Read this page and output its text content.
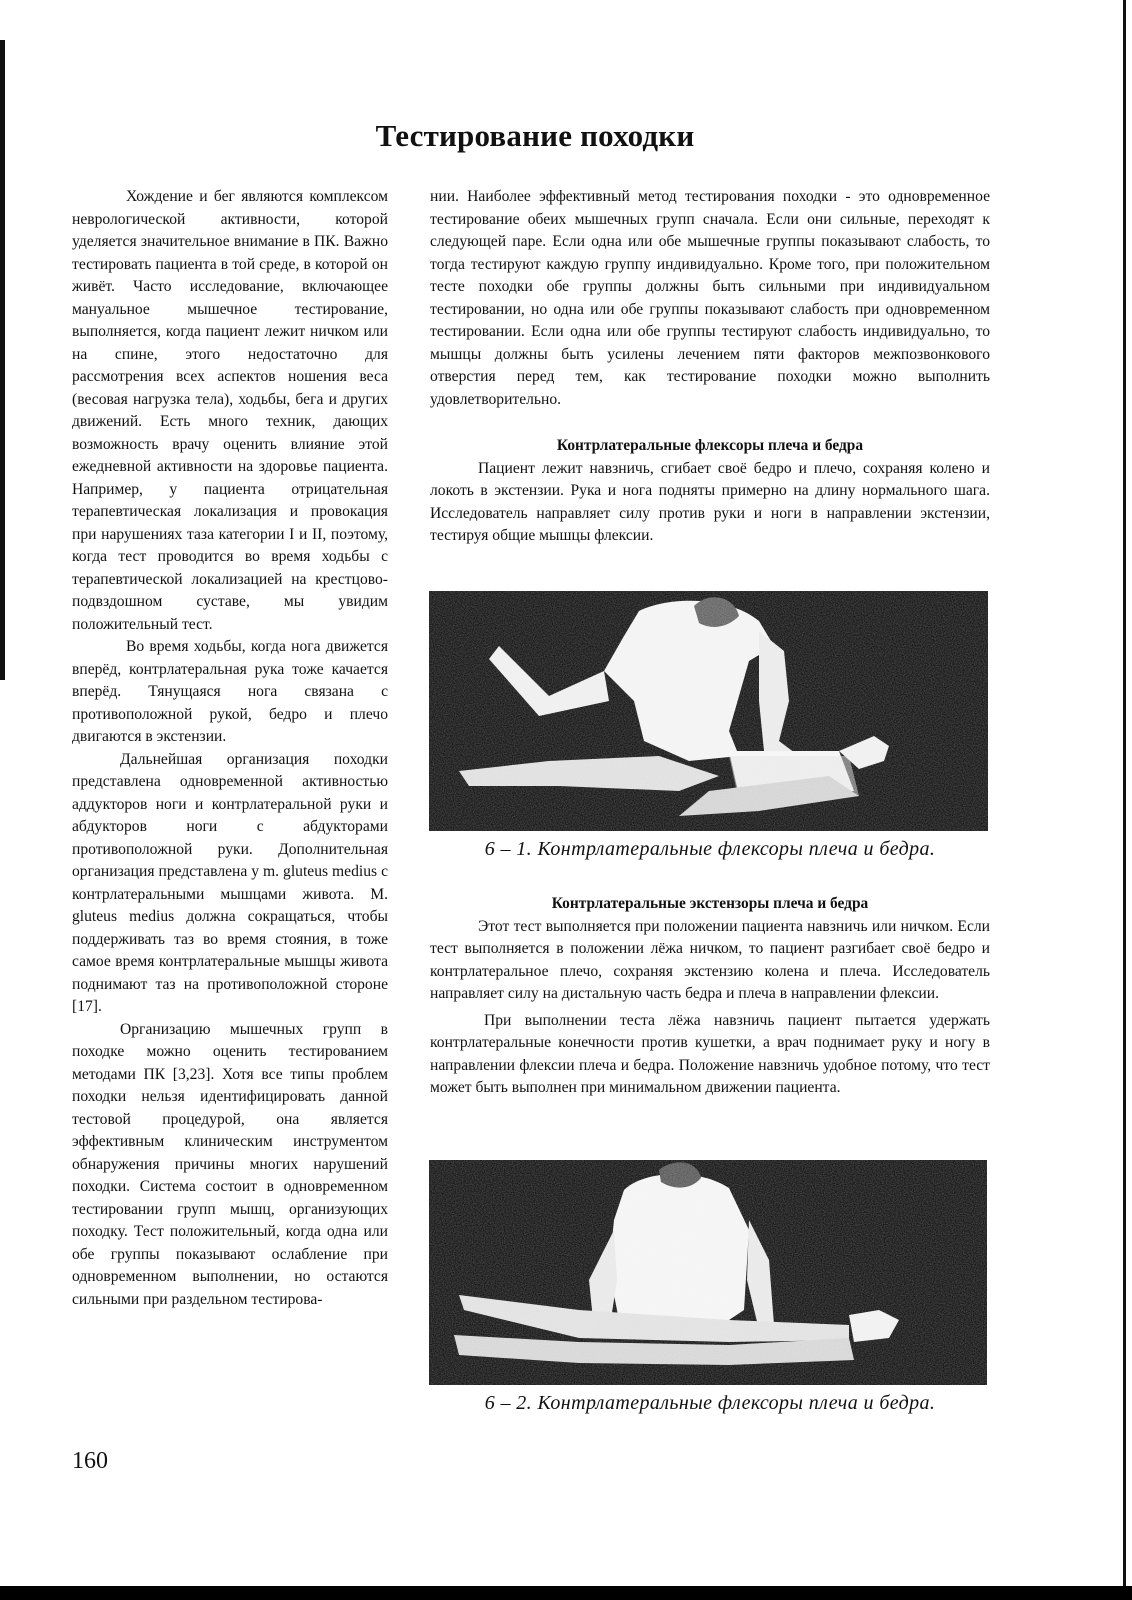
Тестирование походки

Хождение и бег являются комплексом неврологической активности, которой уделяется значительное внимание в ПК. Важно тестировать пациента в той среде, в которой он живёт. Часто исследование, включающее мануальное мышечное тестирование, выполняется, когда пациент лежит ничком или на спине, этого недостаточно для рассмотрения всех аспектов ношения веса (весовая нагрузка тела), ходьбы, бега и других движений. Есть много техник, дающих возможность врачу оценить влияние этой ежедневной активности на здоровье пациента. Например, у пациента отрицательная терапевтическая локализация и провокация при нарушениях таза категории I и II, поэтому, когда тест проводится во время ходьбы с терапевтической локализацией на крестцово-подвздошном суставе, мы увидим положительный тест.

Во время ходьбы, когда нога движется вперёд, контрлатеральная рука тоже качается вперёд. Тянущаяся нога связана с противоположной рукой, бедро и плечо двигаются в экстензии.

Дальнейшая организация походки представлена одновременной активностью аддукторов ноги и контрлатеральной руки и абдукторов ноги с абдукторами противоположной руки. Дополнительная организация представлена у m. gluteus medius с контрлатеральными мышцами живота. M. gluteus medius должна сокращаться, чтобы поддерживать таз во время стояния, в тоже самое время контрлатеральные мышцы живота поднимают таз на противоположной стороне [17].

Организацию мышечных групп в походке можно оценить тестированием методами ПК [3,23]. Хотя все типы проблем походки нельзя идентифицировать данной тестовой процедурой, она является эффективным клиническим инструментом обнаружения причины многих нарушений походки. Система состоит в одновременном тестировании групп мышц, организующих походку. Тест положительный, когда одна или обе группы показывают ослабление при одновременном выполнении, но остаются сильными при раздельном тестирова-

нии. Наиболее эффективный метод тестирования походки - это одновременное тестирование обеих мышечных групп сначала. Если они сильные, переходят к следующей паре. Если одна или обе мышечные группы показывают слабость, то тогда тестируют каждую группу индивидуально. Кроме того, при положительном тесте походки обе группы должны быть сильными при индивидуальном тестировании, но одна или обе группы показывают слабость при одновременном тестировании. Если одна или обе группы тестируют слабость индивидуально, то мышцы должны быть усилены лечением пяти факторов межпозвонкового отверстия перед тем, как тестирование походки можно выполнить удовлетворительно.

Контрлатеральные флексоры плеча и бедра

Пациент лежит навзничь, сгибает своё бедро и плечо, сохраняя колено и локоть в экстензии. Рука и нога подняты примерно на длину нормального шага. Исследователь направляет силу против руки и ноги в направлении экстензии, тестируя общие мышцы флексии.

6 – 1. Контрлатеральные флексоры плеча и бедра.

Контрлатеральные экстензоры плеча и бедра

Этот тест выполняется при положении пациента навзничь или ничком. Если тест выполняется в положении лёжа ничком, то пациент разгибает своё бедро и контрлатеральное плечо, сохраняя экстензию колена и плеча. Исследователь направляет силу на дистальную часть бедра и плеча в направлении флексии.

При выполнении теста лёжа навзничь пациент пытается удержать контрлатеральные конечности против кушетки, а врач поднимает руку и ногу в направлении флексии плеча и бедра. Положение навзничь удобное потому, что тест может быть выполнен при минимальном движении пациента.

6 – 2. Контрлатеральные флексоры плеча и бедра.
160
